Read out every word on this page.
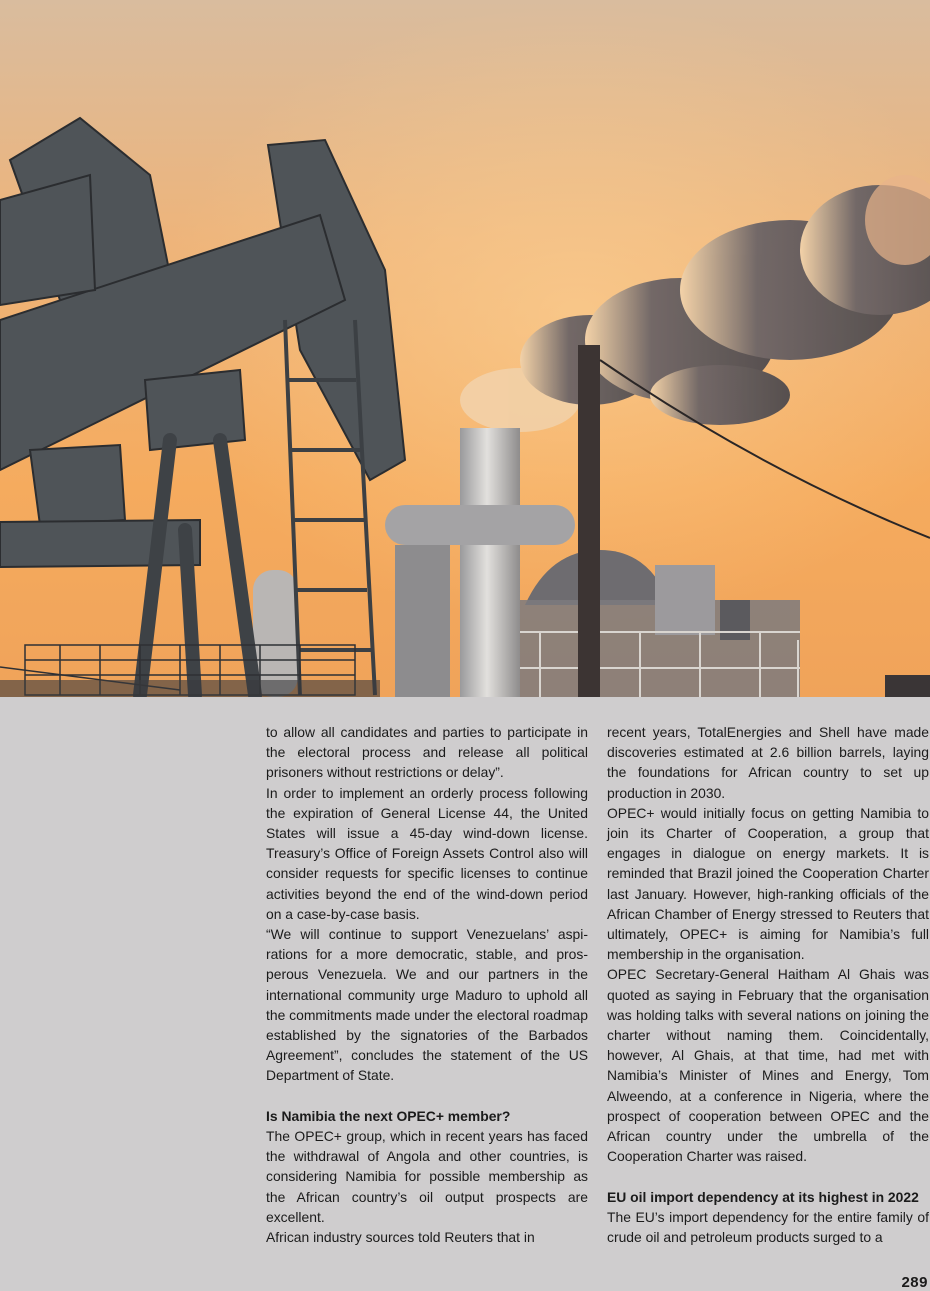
to allow all candidates and parties to participate in the electoral process and release all political prisoners without restrictions or delay”.

In order to implement an orderly process following the expiration of General License 44, the United States will issue a 45-day wind-down license. Treasury’s Office of Foreign Assets Control also will consider requests for specific licenses to continue activities beyond the end of the wind-down period on a case-by-case basis.

“We will continue to support Venezuelans’ aspirations for a more democratic, stable, and prosperous Venezuela. We and our partners in the international community urge Maduro to uphold all the commitments made under the electoral roadmap established by the signatories of the Barbados Agreement”, concludes the statement of the US Department of State.

Is Namibia the next OPEC+ member?

The OPEC+ group, which in recent years has faced the withdrawal of Angola and other countries, is considering Namibia for possible membership as the African country’s oil output prospects are excellent.

African industry sources told Reuters that in

recent years, TotalEnergies and Shell have made discoveries estimated at 2.6 billion barrels, laying the foundations for African country to set up production in 2030.

OPEC+ would initially focus on getting Namibia to join its Charter of Cooperation, a group that engages in dialogue on energy markets. It is reminded that Brazil joined the Cooperation Charter last January. However, high-ranking officials of the African Chamber of Energy stressed to Reuters that ultimately, OPEC+ is aiming for Namibia’s full membership in the organisation.

OPEC Secretary-General Haitham Al Ghais was quoted as saying in February that the organisation was holding talks with several nations on joining the charter without naming them. Coincidentally, however, Al Ghais, at that time, had met with Namibia’s Minister of Mines and Energy, Tom Alweendo, at a conference in Nigeria, where the prospect of cooperation between OPEC and the African country under the umbrella of the Cooperation Charter was raised.

EU oil import dependency at its highest in 2022

The EU’s import dependency for the entire family of crude oil and petroleum products surged to a

289
